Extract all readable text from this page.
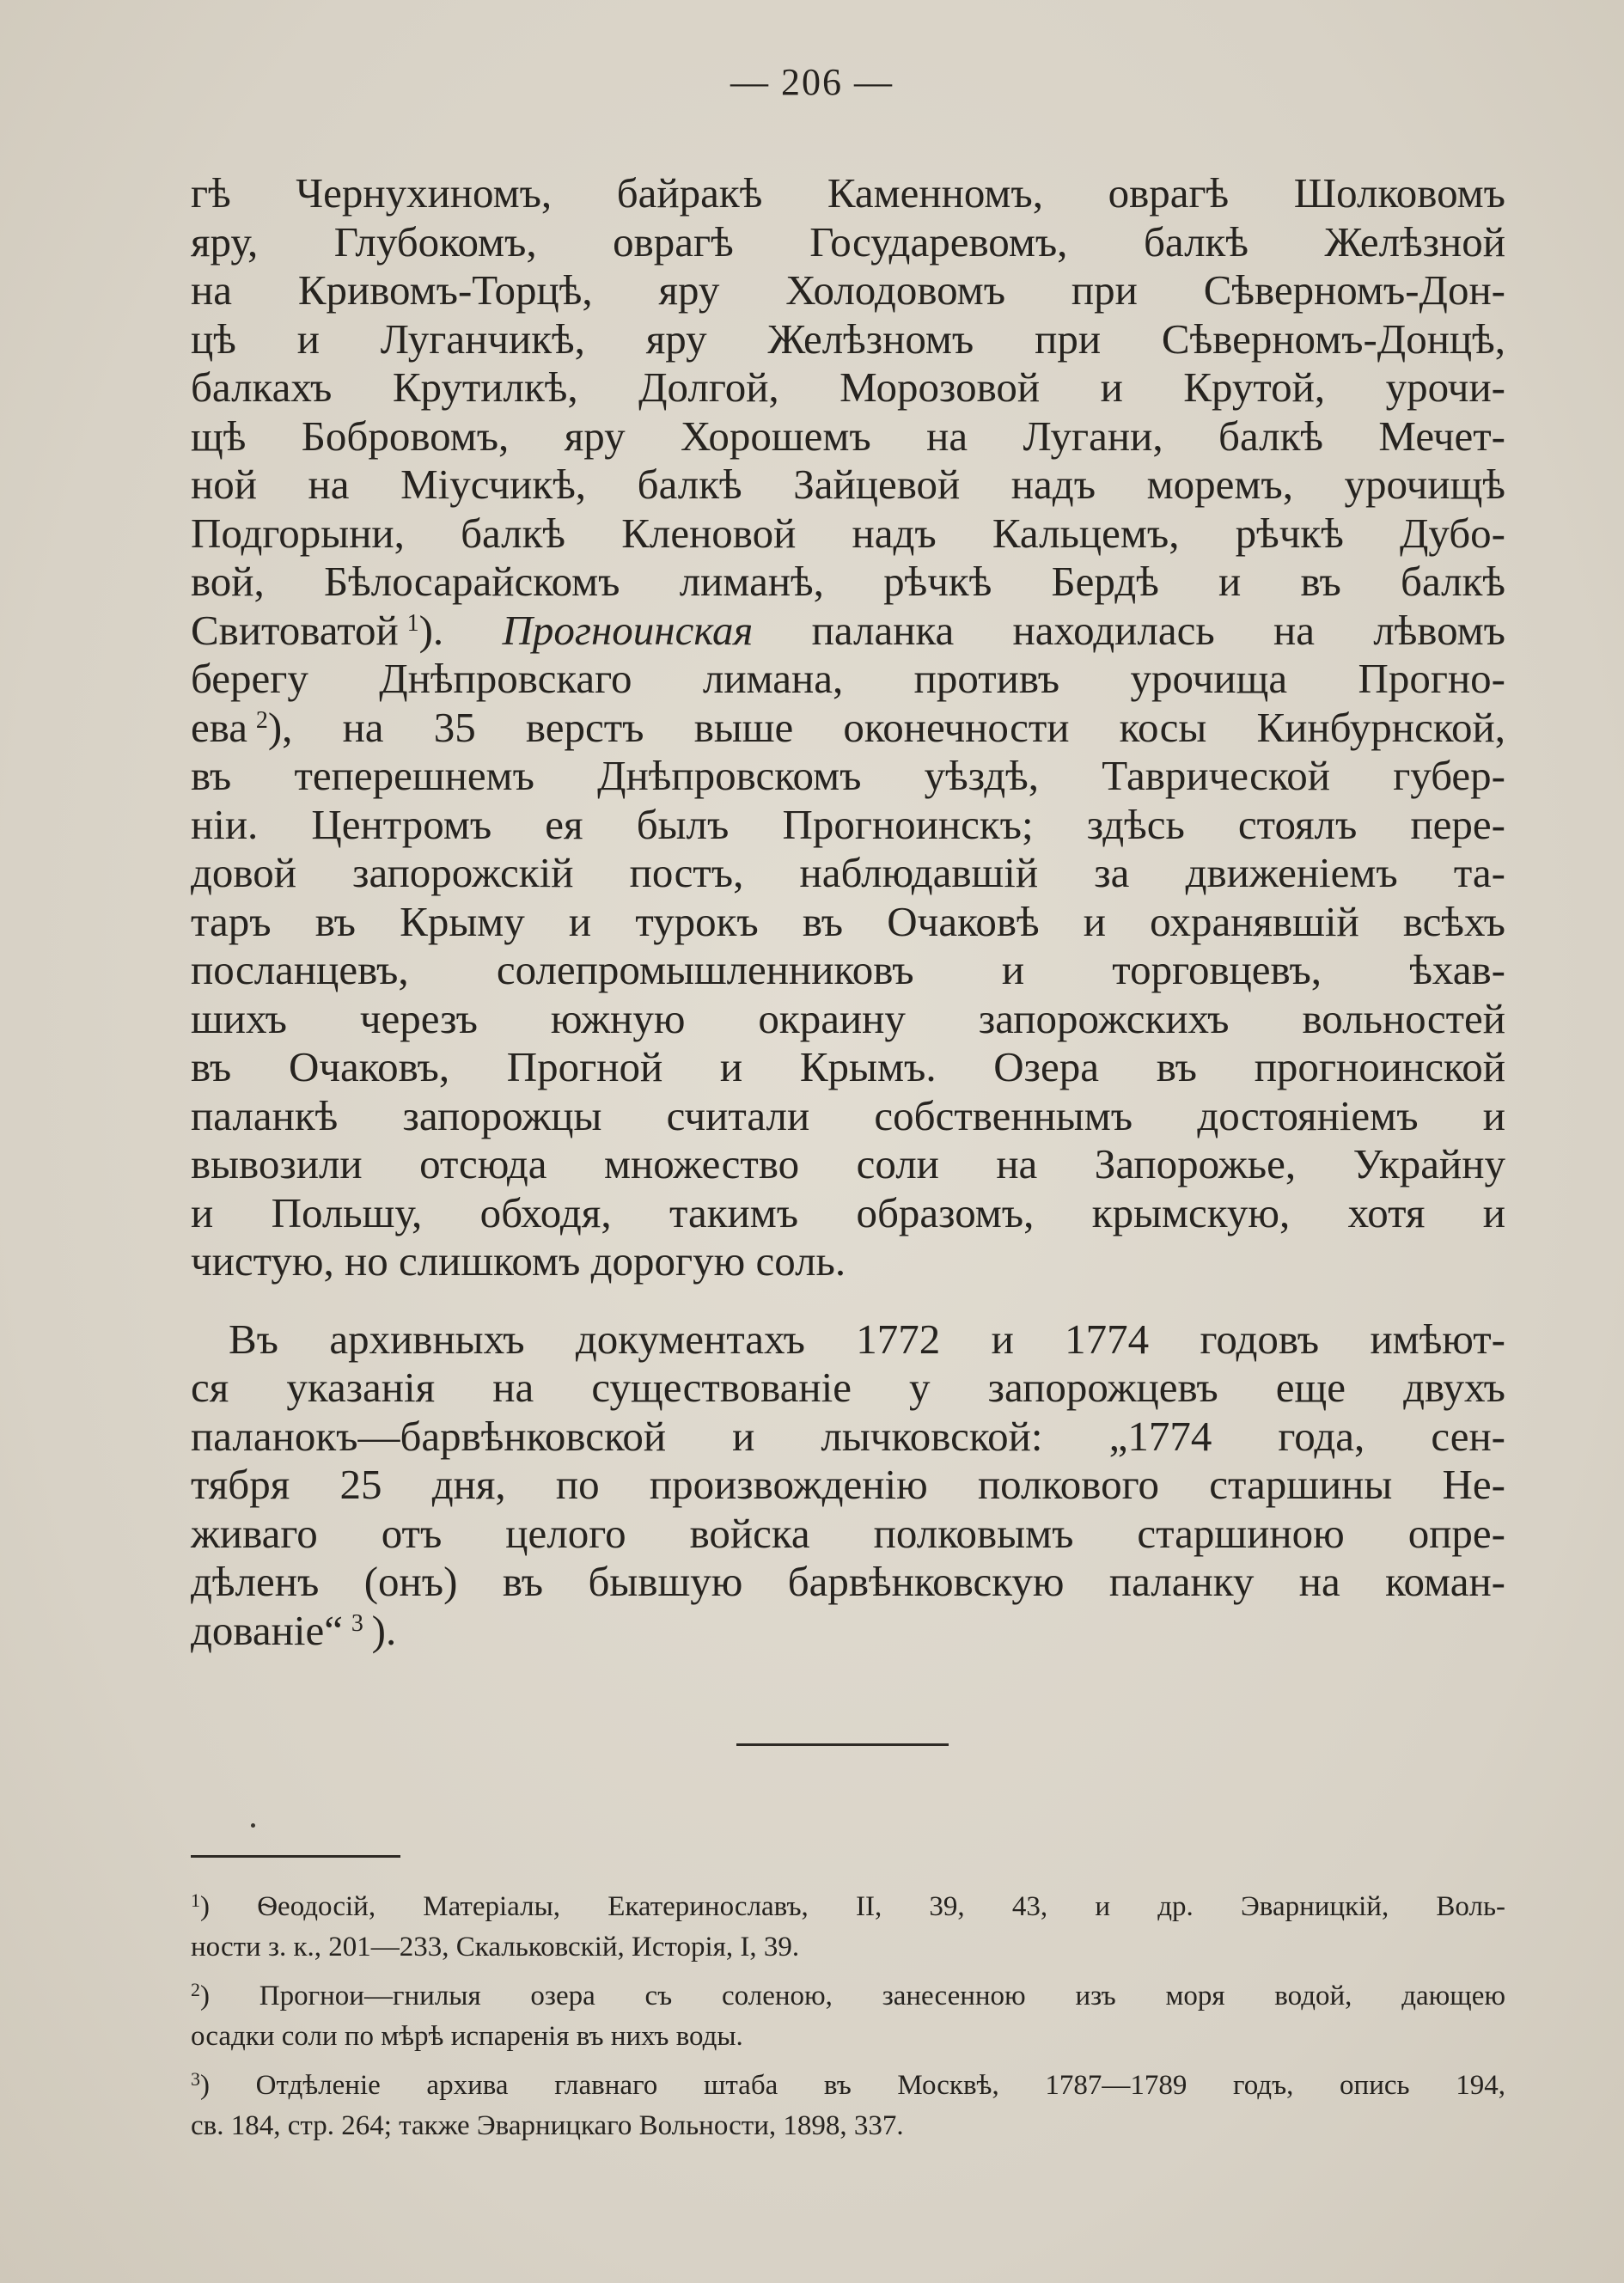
— 206 —
гѣ Чернухиномъ, байракѣ Каменномъ, оврагѣ Шолковомъ
яру, Глубокомъ, оврагѣ Государевомъ, балкѣ Желѣзной
на Кривомъ-Торцѣ, яру Холодовомъ при Сѣверномъ-Дон-
цѣ и Луганчикѣ, яру Желѣзномъ при Сѣверномъ-Донцѣ,
балкахъ Крутилкѣ, Долгой, Морозовой и Крутой, урочи-
щѣ Бобровомъ, яру Хорошемъ на Лугани, балкѣ Мечет-
ной на Міусчикѣ, балкѣ Зайцевой надъ моремъ, урочищѣ
Подгорыни, балкѣ Кленовой надъ Кальцемъ, рѣчкѣ Дубо-
вой, Бѣлосарайскомъ лиманѣ, рѣчкѣ Бердѣ и въ балкѣ
Свитоватой  $^1$). Прогноинская паланка находилась на лѣвомъ
берегу Днѣпровскаго лимана, противъ урочища Прогно-
ева  $^2$), на 35 верстъ выше оконечности косы Кинбурнской,
въ теперешнемъ Днѣпровскомъ уѣздѣ, Таврической губер-
ніи. Центромъ ея былъ Прогноинскъ; здѣсь стоялъ пере-
довой запорожскій постъ, наблюдавшій за движеніемъ та-
таръ въ Крыму и турокъ въ Очаковѣ и охранявшій всѣхъ
посланцевъ, солепромышленниковъ и торговцевъ, ѣхав-
шихъ черезъ южную окраину запорожскихъ вольностей
въ Очаковъ, Прогной и Крымъ. Озера въ прогноинской
паланкѣ запорожцы считали собственнымъ достояніемъ и
вывозили отсюда множество соли на Запорожье, Украйну
и Польшу, обходя, такимъ образомъ, крымскую, хотя и
чистую, но слишкомъ дорогую соль.
Въ архивныхъ документахъ 1772 и 1774 годовъ имѣют-
ся указанія на существованіе у запорожцевъ еще двухъ
паланокъ—барвѣнковской и лычковской: „1774 года, сен-
тября 25 дня, по произвожденію полкового старшины Не-
живаго отъ целого войска полковымъ старшиною опре-
дѣленъ (онъ) въ бывшую барвѣнковскую паланку на коман-
дованіе“  $^3$  ).
$^1$) Ѳеодосій, Матеріалы, Екатеринославъ, II, 39, 43, и др. Эварницкій, Воль-
ности з. к., 201—233, Скальковскій, Исторія, I, 39.
$^2$) Прогнои—гнилыя озера съ соленою, занесенною изъ моря водой, дающею
осадки соли по мѣрѣ испаренія въ нихъ воды.
$^3$) Отдѣленіе архива главнаго штаба въ Москвѣ, 1787—1789 годъ, опись 194,
св. 184, стр. 264; также Эварницкаго Вольности, 1898, 337.
